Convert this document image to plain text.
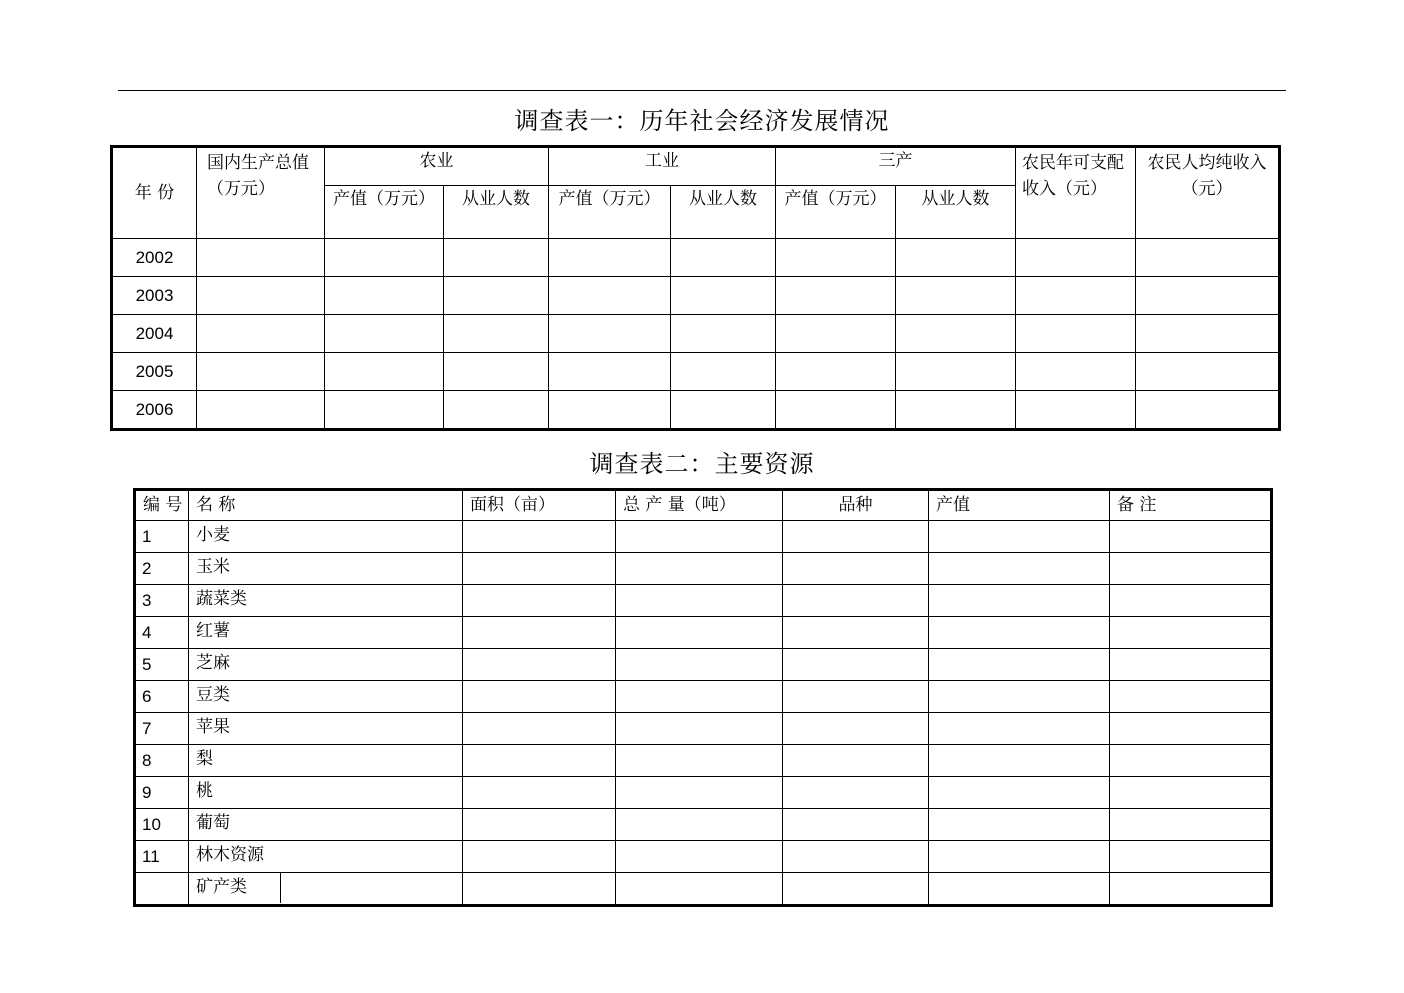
调查表一：历年社会经济发展情况
年 份	国内生产总值（万元）	农业		工业		三产		农民年可支配收入（元）	农民人均纯收入（元）
		产值（万元）	从业人数	产值（万元）	从业人数	产值（万元）	从业人数		
2002									
2003									
2004									
2005									
2006									
调查表二：主要资源
编 号	名 称	面积（亩）	总 产 量（吨）	品种	产值	备 注
1	小麦					
2	玉米					
3	蔬菜类					
4	红薯					
5	芝麻					
6	豆类					
7	苹果					
8	梨					
9	桃					
10	葡萄					
11	林木资源					
	矿产类					
